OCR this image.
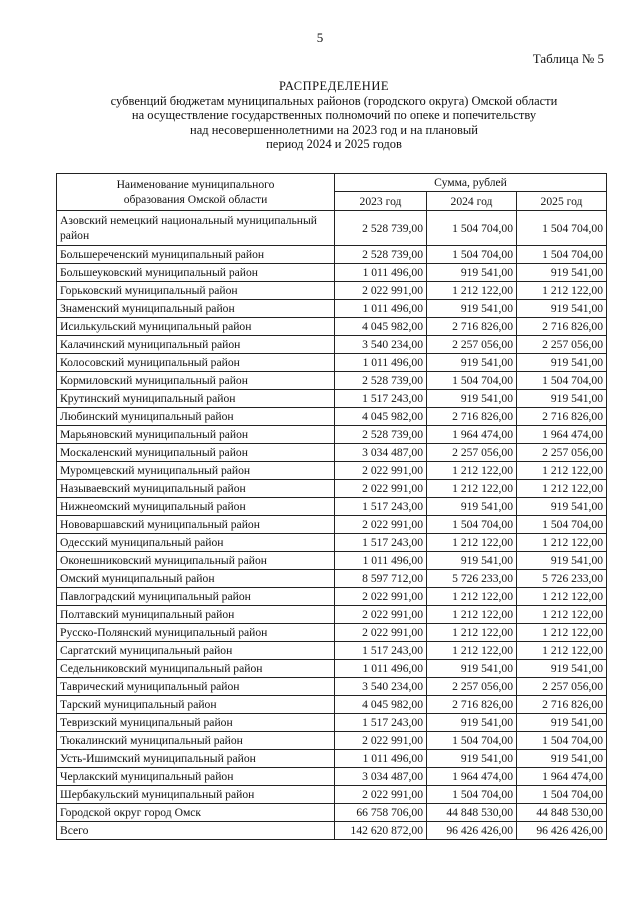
5
Таблица № 5
РАСПРЕДЕЛЕНИЕ
субвенций бюджетам муниципальных районов (городского округа) Омской области
на осуществление государственных полномочий по опеке и попечительству
над несовершеннолетними на 2023 год и на плановый
период 2024 и 2025 годов
Наименование муниципального
образования Омской области	Сумма, рублей		
	2023 год	2024 год	2025 год
Азовский немецкий национальный муниципальный район	2 528 739,00	1 504 704,00	1 504 704,00
Большереченский муниципальный район	2 528 739,00	1 504 704,00	1 504 704,00
Большеуковский муниципальный район	1 011 496,00	919 541,00	919 541,00
Горьковский муниципальный район	2 022 991,00	1 212 122,00	1 212 122,00
Знаменский муниципальный район	1 011 496,00	919 541,00	919 541,00
Исилькульский муниципальный район	4 045 982,00	2 716 826,00	2 716 826,00
Калачинский муниципальный район	3 540 234,00	2 257 056,00	2 257 056,00
Колосовский муниципальный район	1 011 496,00	919 541,00	919 541,00
Кормиловский муниципальный район	2 528 739,00	1 504 704,00	1 504 704,00
Крутинский муниципальный район	1 517 243,00	919 541,00	919 541,00
Любинский муниципальный район	4 045 982,00	2 716 826,00	2 716 826,00
Марьяновский муниципальный район	2 528 739,00	1 964 474,00	1 964 474,00
Москаленский муниципальный район	3 034 487,00	2 257 056,00	2 257 056,00
Муромцевский муниципальный район	2 022 991,00	1 212 122,00	1 212 122,00
Называевский муниципальный район	2 022 991,00	1 212 122,00	1 212 122,00
Нижнеомский муниципальный район	1 517 243,00	919 541,00	919 541,00
Нововаршавский муниципальный район	2 022 991,00	1 504 704,00	1 504 704,00
Одесский муниципальный район	1 517 243,00	1 212 122,00	1 212 122,00
Оконешниковский муниципальный район	1 011 496,00	919 541,00	919 541,00
Омский муниципальный район	8 597 712,00	5 726 233,00	5 726 233,00
Павлоградский муниципальный район	2 022 991,00	1 212 122,00	1 212 122,00
Полтавский муниципальный район	2 022 991,00	1 212 122,00	1 212 122,00
Русско-Полянский муниципальный район	2 022 991,00	1 212 122,00	1 212 122,00
Саргатский муниципальный район	1 517 243,00	1 212 122,00	1 212 122,00
Седельниковский муниципальный район	1 011 496,00	919 541,00	919 541,00
Таврический муниципальный район	3 540 234,00	2 257 056,00	2 257 056,00
Тарский муниципальный район	4 045 982,00	2 716 826,00	2 716 826,00
Тевризский муниципальный район	1 517 243,00	919 541,00	919 541,00
Тюкалинский муниципальный район	2 022 991,00	1 504 704,00	1 504 704,00
Усть-Ишимский муниципальный район	1 011 496,00	919 541,00	919 541,00
Черлакский муниципальный район	3 034 487,00	1 964 474,00	1 964 474,00
Шербакульский муниципальный район	2 022 991,00	1 504 704,00	1 504 704,00
Городской округ город Омск	66 758 706,00	44 848 530,00	44 848 530,00
Всего	142 620 872,00	96 426 426,00	96 426 426,00
